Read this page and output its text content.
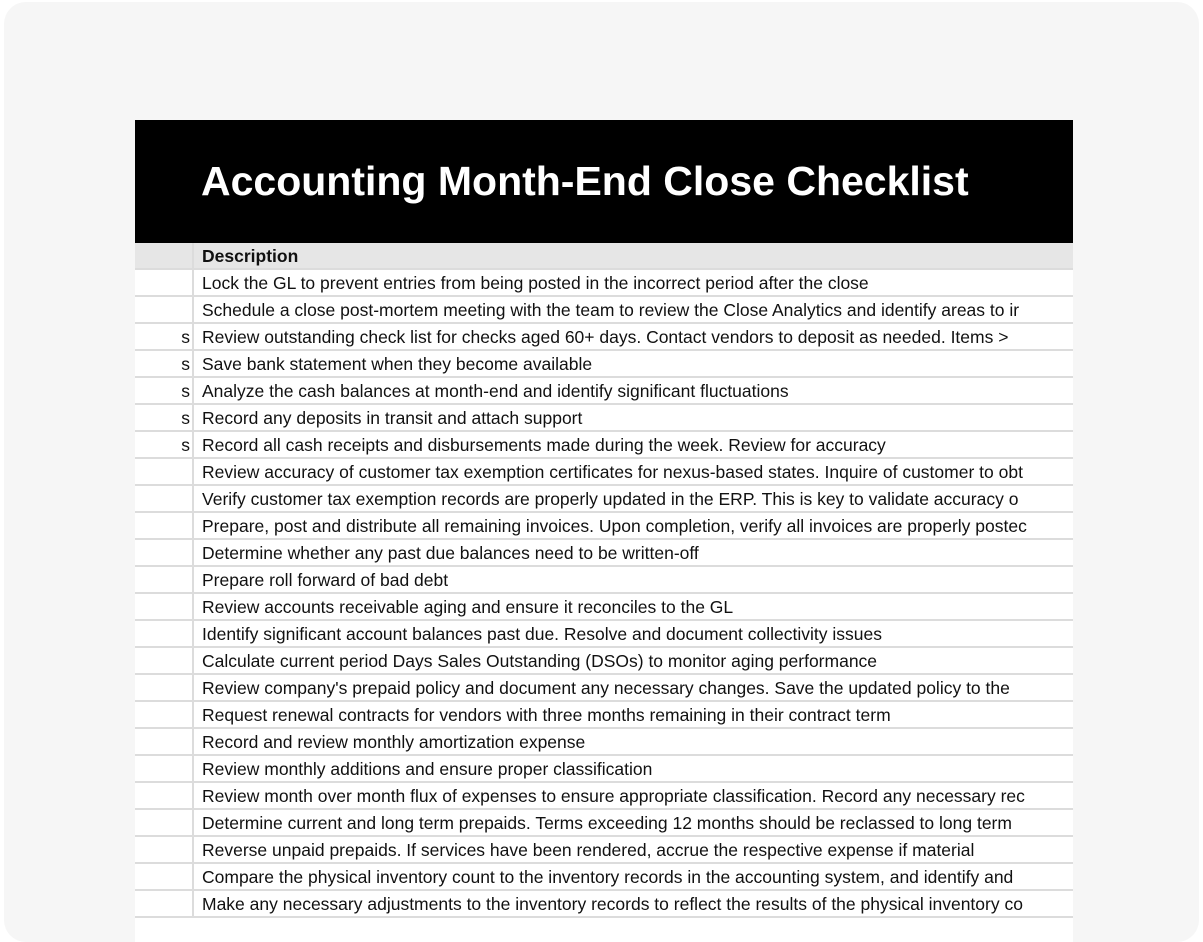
Accounting Month-End Close Checklist
Description
Lock the GL to prevent entries from being posted in the incorrect period after the close
Schedule a close post-mortem meeting with the team to review the Close Analytics and identify areas to ir
s Review outstanding check list for checks aged 60+ days. Contact vendors to deposit as needed. Items >
s Save bank statement when they become available
s Analyze the cash balances at month-end and identify significant fluctuations
s Record any deposits in transit and attach support
s Record all cash receipts and disbursements made during the week. Review for accuracy
Review accuracy of customer tax exemption certificates for nexus-based states. Inquire of customer to obt
Verify customer tax exemption records are properly updated in the ERP. This is key to validate accuracy o
Prepare, post and distribute all remaining invoices. Upon completion, verify all invoices are properly postec
Determine whether any past due balances need to be written-off
Prepare roll forward of bad debt
Review accounts receivable aging and ensure it reconciles to the GL
Identify significant account balances past due. Resolve and document collectivity issues
Calculate current period Days Sales Outstanding (DSOs) to monitor aging performance
Review company's prepaid policy and document any necessary changes. Save the updated policy to the
Request renewal contracts for vendors with three months remaining in their contract term
Record and review monthly amortization expense
Review monthly additions and ensure proper classification
Review month over month flux of expenses to ensure appropriate classification. Record any necessary rec
Determine current and long term prepaids. Terms exceeding 12 months should be reclassed to long term
Reverse unpaid prepaids. If services have been rendered, accrue the respective expense if material
Compare the physical inventory count to the inventory records in the accounting system, and identify and
Make any necessary adjustments to the inventory records to reflect the results of the physical inventory co
